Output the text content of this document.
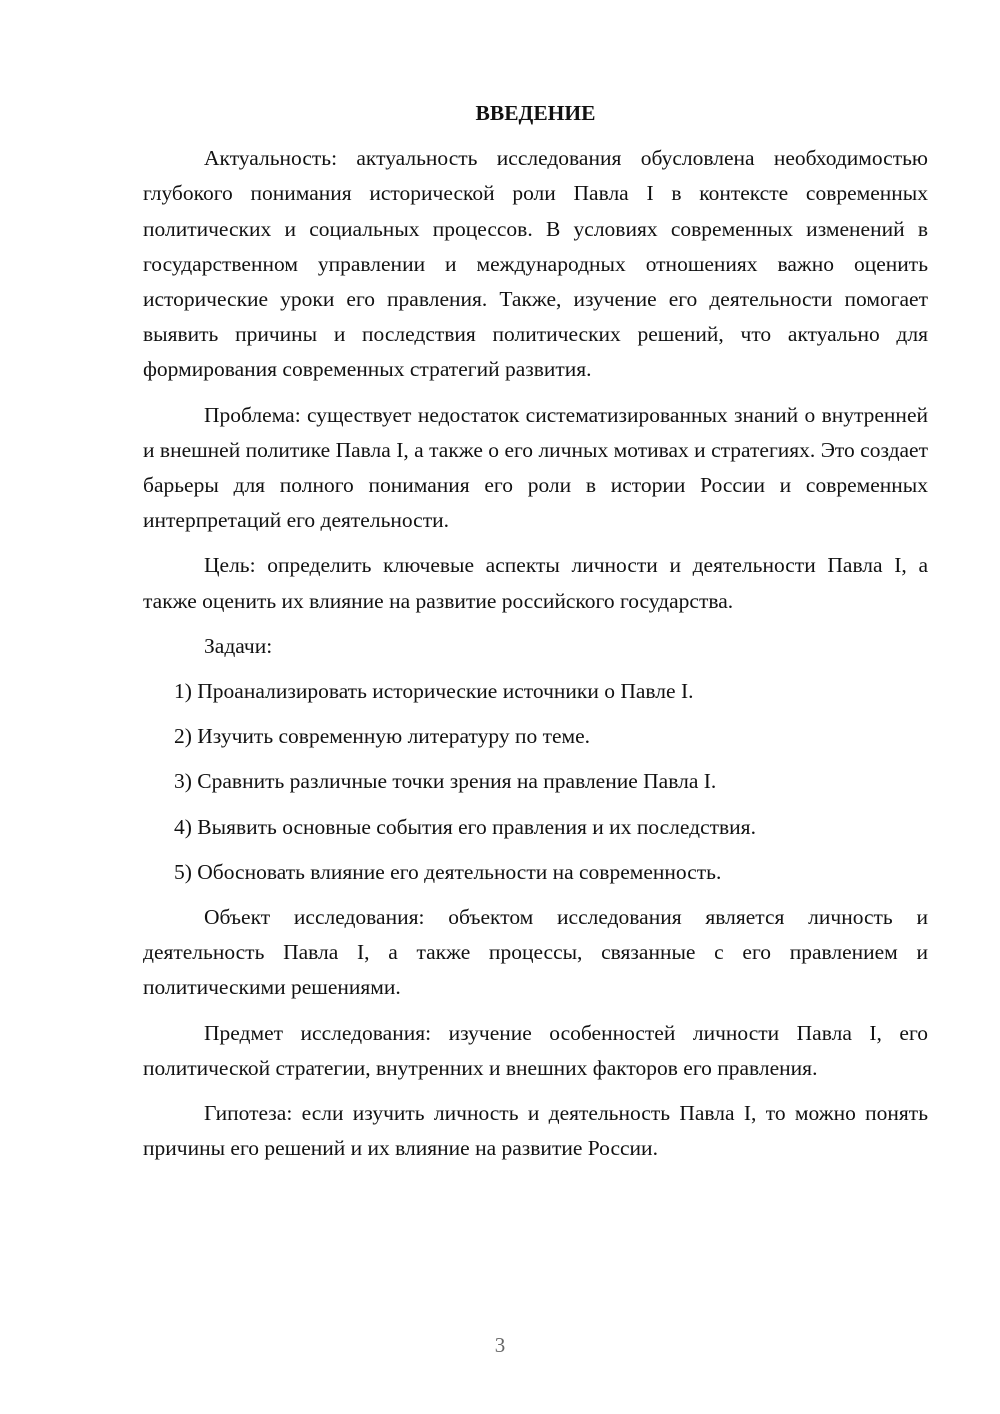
ВВЕДЕНИЕ

Актуальность: актуальность исследования обусловлена необходимостью глубокого понимания исторической роли Павла I в контексте современных политических и социальных процессов. В условиях современных изменений в государственном управлении и международных отношениях важно оценить исторические уроки его правления. Также, изучение его деятельности помогает выявить причины и последствия политических решений, что актуально для формирования современных стратегий развития.

Проблема: существует недостаток систематизированных знаний о внутренней и внешней политике Павла I, а также о его личных мотивах и стратегиях. Это создает барьеры для полного понимания его роли в истории России и современных интерпретаций его деятельности.

Цель: определить ключевые аспекты личности и деятельности Павла I, а также оценить их влияние на развитие российского государства.

Задачи:

1) Проанализировать исторические источники о Павле I.

2) Изучить современную литературу по теме.

3) Сравнить различные точки зрения на правление Павла I.

4) Выявить основные события его правления и их последствия.

5) Обосновать влияние его деятельности на современность.

Объект исследования: объектом исследования является личность и деятельность Павла I, а также процессы, связанные с его правлением и политическими решениями.

Предмет исследования: изучение особенностей личности Павла I, его политической стратегии, внутренних и внешних факторов его правления.

Гипотеза: если изучить личность и деятельность Павла I, то можно понять причины его решений и их влияние на развитие России.

3
